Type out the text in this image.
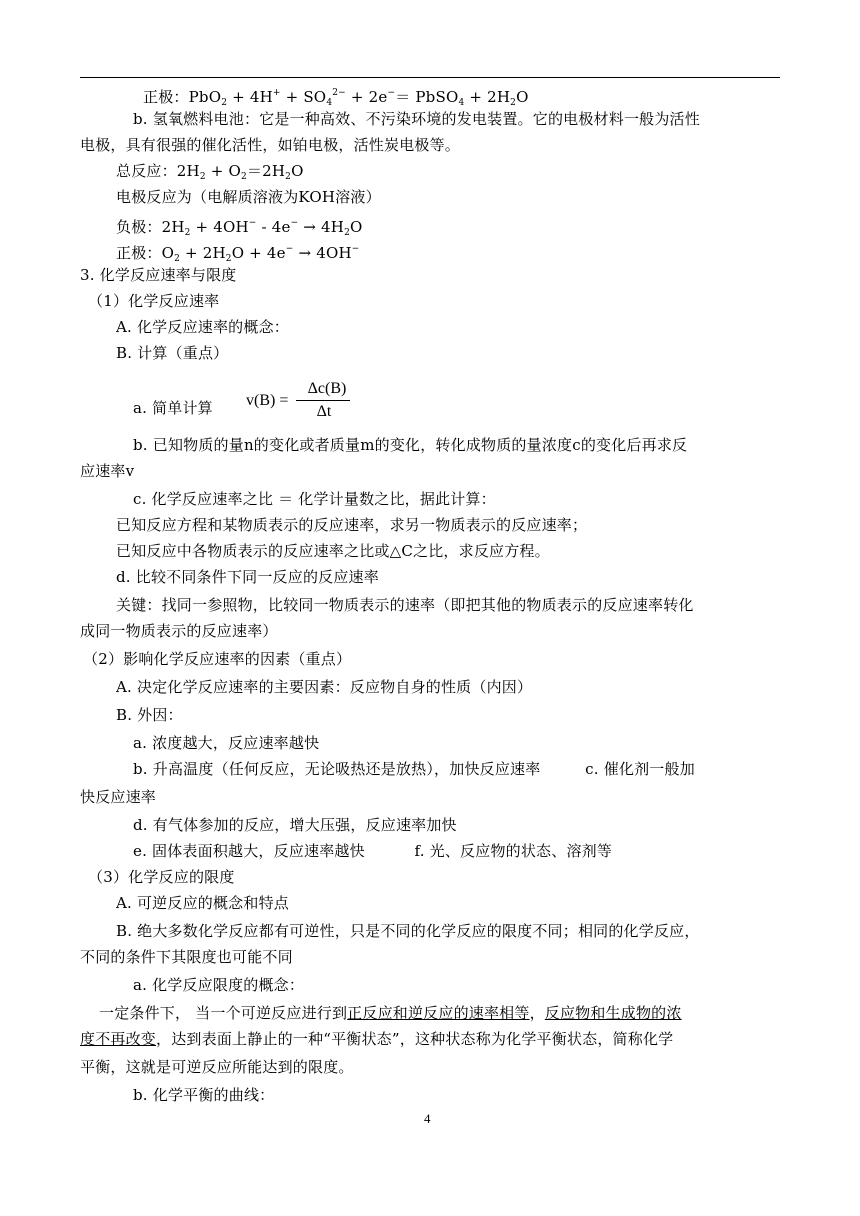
正极：$PbO_2 + 4H^+ + SO_4^{2-} + 2e^-=$ PbSO$_4$ + $2H_2O$
b. 氢氧燃料电池：它是一种高效、不污染环境的发电装置。它的电极材料一般为活性
电极，具有很强的催化活性，如铂电极，活性炭电极等。
总反应：$2H_2 + O_2=2H_2O$
电极反应为（电解质溶液为KOH溶液）
负极：$2H_2 + 4OH^- - 4e^- \to 4H_2O$
正极：$O_2 + 2H_2O + 4e^- \to 4OH^-$
3. 化学反应速率与限度
（1）化学反应速率
A. 化学反应速率的概念：
B. 计算（重点）
a. 简单计算 v(B) =
Δc(B)
Δt
b. 已知物质的量n的变化或者质量m的变化，转化成物质的量浓度c的变化后再求反
应速率v
c. 化学反应速率之比 ＝ 化学计量数之比，据此计算：
已知反应方程和某物质表示的反应速率，求另一物质表示的反应速率；
已知反应中各物质表示的反应速率之比或△C之比，求反应方程。
d. 比较不同条件下同一反应的反应速率
关键：找同一参照物，比较同一物质表示的速率（即把其他的物质表示的反应速率转化
成同一物质表示的反应速率）
（2）影响化学反应速率的因素（重点）
A. 决定化学反应速率的主要因素：反应物自身的性质（内因）
B. 外因：
a. 浓度越大，反应速率越快
b. 升高温度（任何反应，无论吸热还是放热），加快反应速率         c. 催化剂一般加
快反应速率
d. 有气体参加的反应，增大压强，反应速率加快
e. 固体表面积越大，反应速率越快          f. 光、反应物的状态、溶剂等
（3）化学反应的限度
A. 可逆反应的概念和特点
B. 绝大多数化学反应都有可逆性，只是不同的化学反应的限度不同；相同的化学反应，
不同的条件下其限度也可能不同
a. 化学反应限度的概念：
一定条件下， 当一个可逆反应进行到正反应和逆反应的速率相等，反应物和生成物的浓
度不再改变，达到表面上静止的一种“平衡状态”，这种状态称为化学平衡状态，简称化学
平衡，这就是可逆反应所能达到的限度。
b. 化学平衡的曲线：
4
